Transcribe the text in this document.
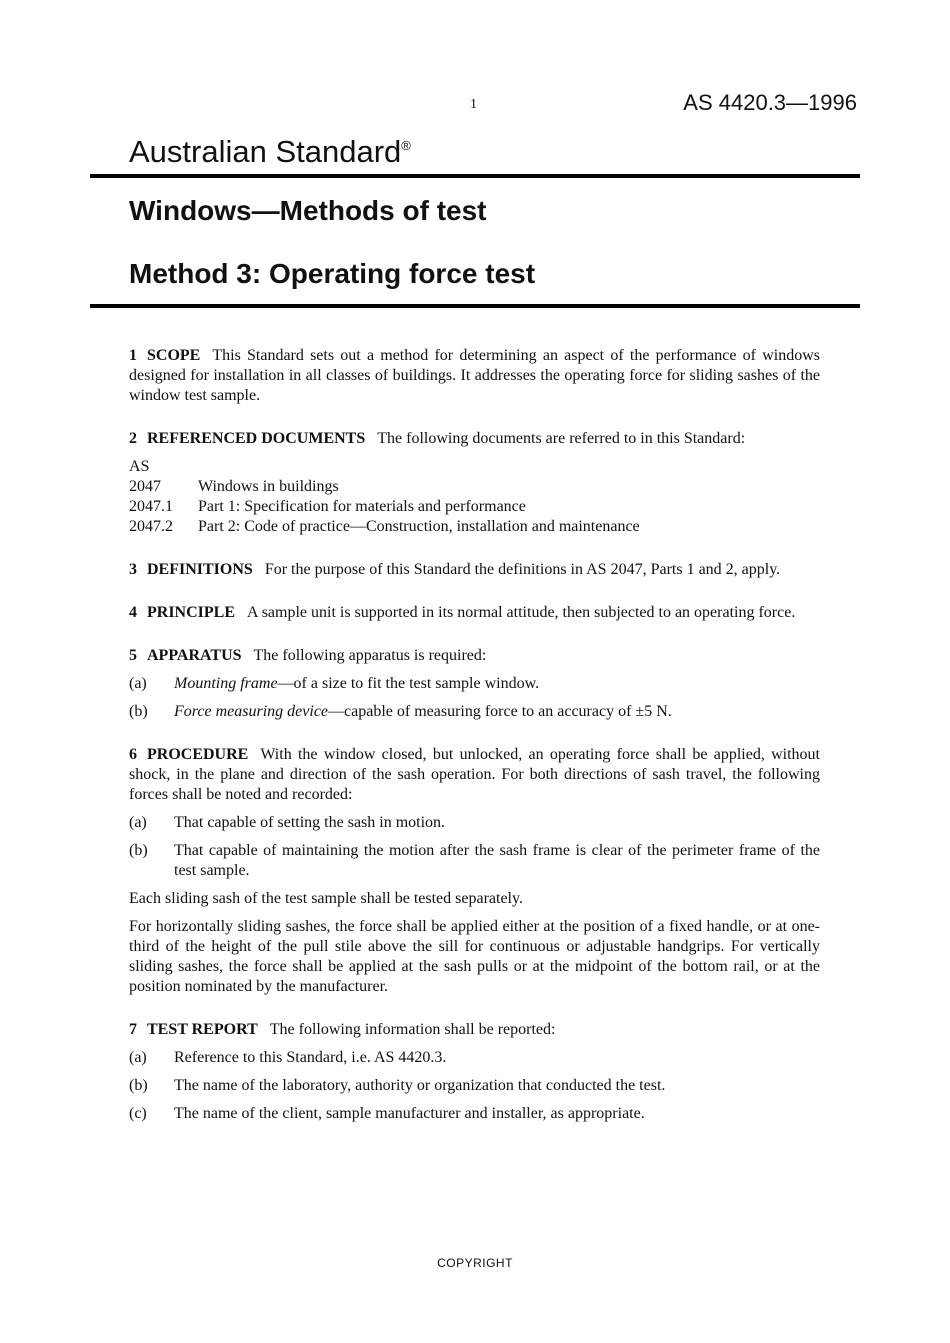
1	AS 4420.3—1996
Australian Standard®
Windows—Methods of test
Method 3: Operating force test

1 SCOPE This Standard sets out a method for determining an aspect of the performance of windows designed for installation in all classes of buildings. It addresses the operating force for sliding sashes of the window test sample.

2 REFERENCED DOCUMENTS The following documents are referred to in this Standard:

AS
2047	Windows in buildings
2047.1	Part 1: Specification for materials and performance
2047.2	Part 2: Code of practice—Construction, installation and maintenance

3 DEFINITIONS For the purpose of this Standard the definitions in AS 2047, Parts 1 and 2, apply.

4 PRINCIPLE A sample unit is supported in its normal attitude, then subjected to an operating force.

5 APPARATUS The following apparatus is required:

(a)	Mounting frame—of a size to fit the test sample window.
(b)	Force measuring device—capable of measuring force to an accuracy of ±5 N.

6 PROCEDURE With the window closed, but unlocked, an operating force shall be applied, without shock, in the plane and direction of the sash operation. For both directions of sash travel, the following forces shall be noted and recorded:

(a)	That capable of setting the sash in motion.
(b)	That capable of maintaining the motion after the sash frame is clear of the perimeter frame of the test sample.

Each sliding sash of the test sample shall be tested separately.

For horizontally sliding sashes, the force shall be applied either at the position of a fixed handle, or at one-third of the height of the pull stile above the sill for continuous or adjustable handgrips. For vertically sliding sashes, the force shall be applied at the sash pulls or at the midpoint of the bottom rail, or at the position nominated by the manufacturer.

7 TEST REPORT The following information shall be reported:

(a)	Reference to this Standard, i.e. AS 4420.3.
(b)	The name of the laboratory, authority or organization that conducted the test.
(c)	The name of the client, sample manufacturer and installer, as appropriate.
COPYRIGHT
